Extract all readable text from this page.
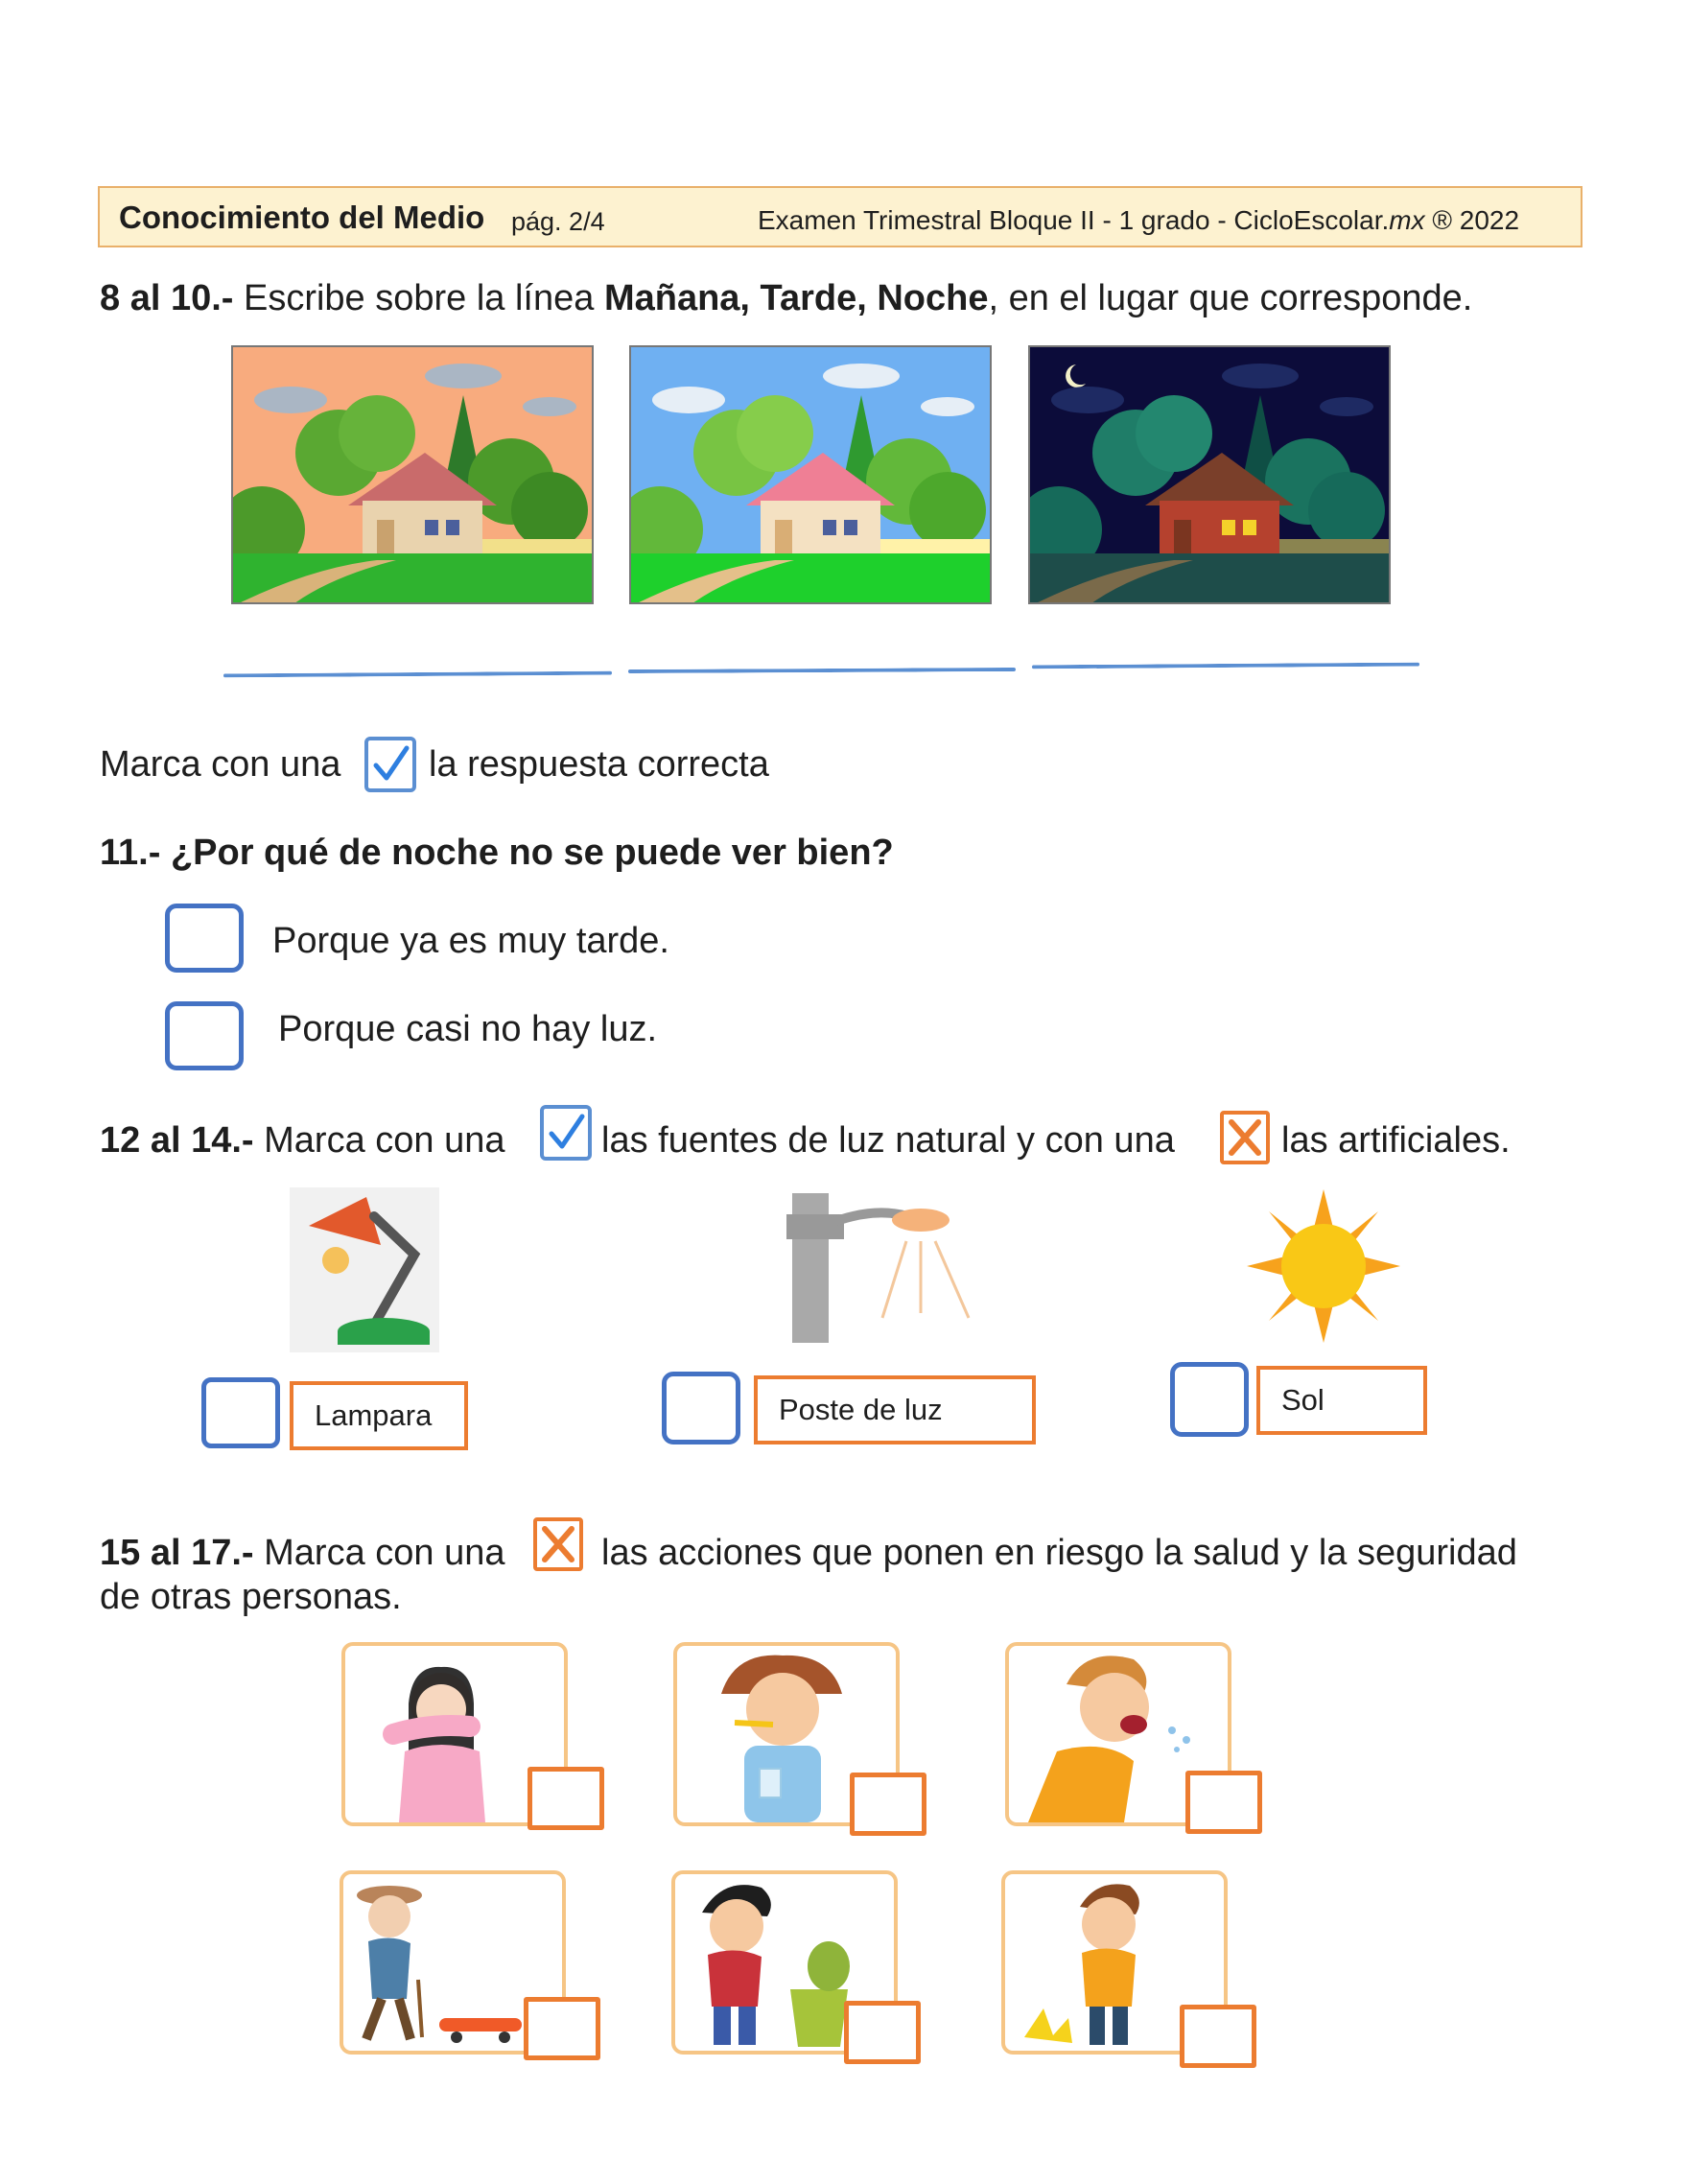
Conocimiento del Medio pág. 2/4	Examen Trimestral Bloque II - 1 grado - CicloEscolar.mx ® 2022
8 al 10.- Escribe sobre la línea Mañana, Tarde, Noche, en el lugar que corresponde.
Marca con una la respuesta correcta
11.- ¿Por qué de noche no se puede ver bien?
Porque ya es muy tarde.
Porque casi no hay luz.
12 al 14.- Marca con una	las fuentes de luz natural y con una	las artificiales.
Lampara	Poste de luz	Sol
15 al 17.- Marca con una	las acciones que ponen en riesgo la salud y la seguridad
de otras personas.
